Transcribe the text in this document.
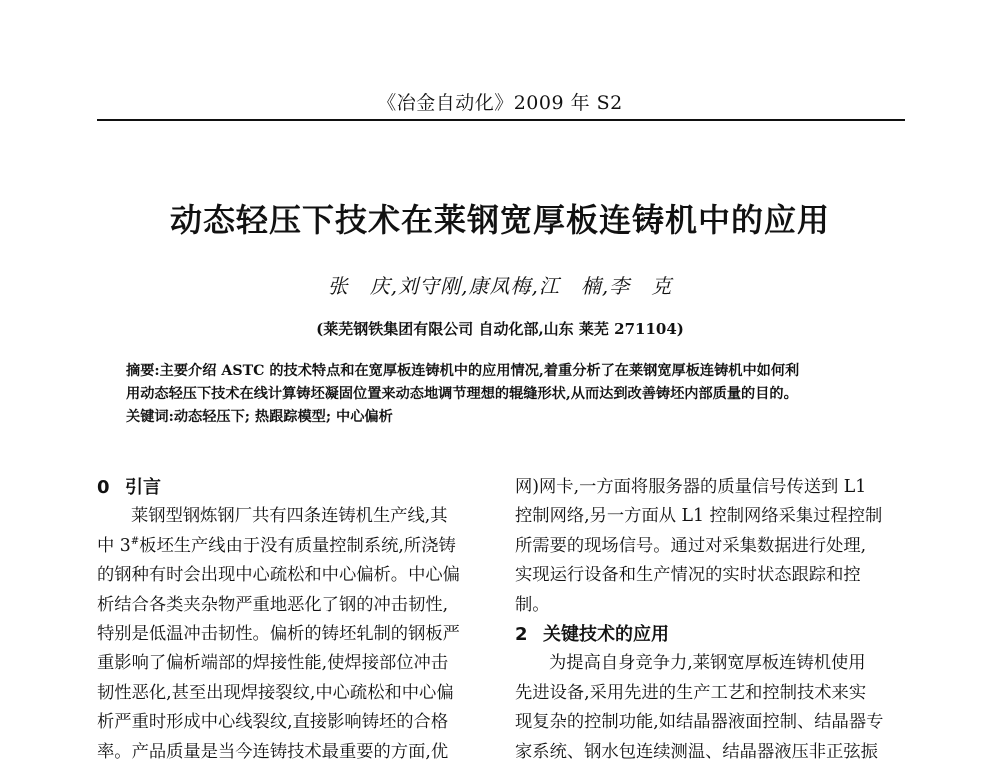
《冶金自动化》2009 年 S2
动态轻压下技术在莱钢宽厚板连铸机中的应用
张　庆,刘守刚,康凤梅,江　楠,李　克
(莱芜钢铁集团有限公司 自动化部,山东 莱芜 271104)

摘要:主要介绍 ASTC 的技术特点和在宽厚板连铸机中的应用情况,着重分析了在莱钢宽厚板连铸机中如何利

用动态轻压下技术在线计算铸坯凝固位置来动态地调节理想的辊缝形状,从而达到改善铸坯内部质量的目的。

关键词:动态轻压下; 热跟踪模型; 中心偏析

0 引言

莱钢型钢炼钢厂共有四条连铸机生产线,其

中 3#板坯生产线由于没有质量控制系统,所浇铸

的钢种有时会出现中心疏松和中心偏析。中心偏

析结合各类夹杂物严重地恶化了钢的冲击韧性,

特别是低温冲击韧性。偏析的铸坯轧制的钢板严

重影响了偏析端部的焊接性能,使焊接部位冲击

韧性恶化,甚至出现焊接裂纹,中心疏松和中心偏

析严重时形成中心线裂纹,直接影响铸坯的合格

率。产品质量是当今连铸技术最重要的方面,优

网)网卡,一方面将服务器的质量信号传送到 L1

控制网络,另一方面从 L1 控制网络采集过程控制

所需要的现场信号。通过对采集数据进行处理,

实现运行设备和生产情况的实时状态跟踪和控

制。

2 关键技术的应用

为提高自身竞争力,莱钢宽厚板连铸机使用

先进设备,采用先进的生产工艺和控制技术来实

现复杂的控制功能,如结晶器液面控制、结晶器专

家系统、钢水包连续测温、结晶器液压非正弦振
